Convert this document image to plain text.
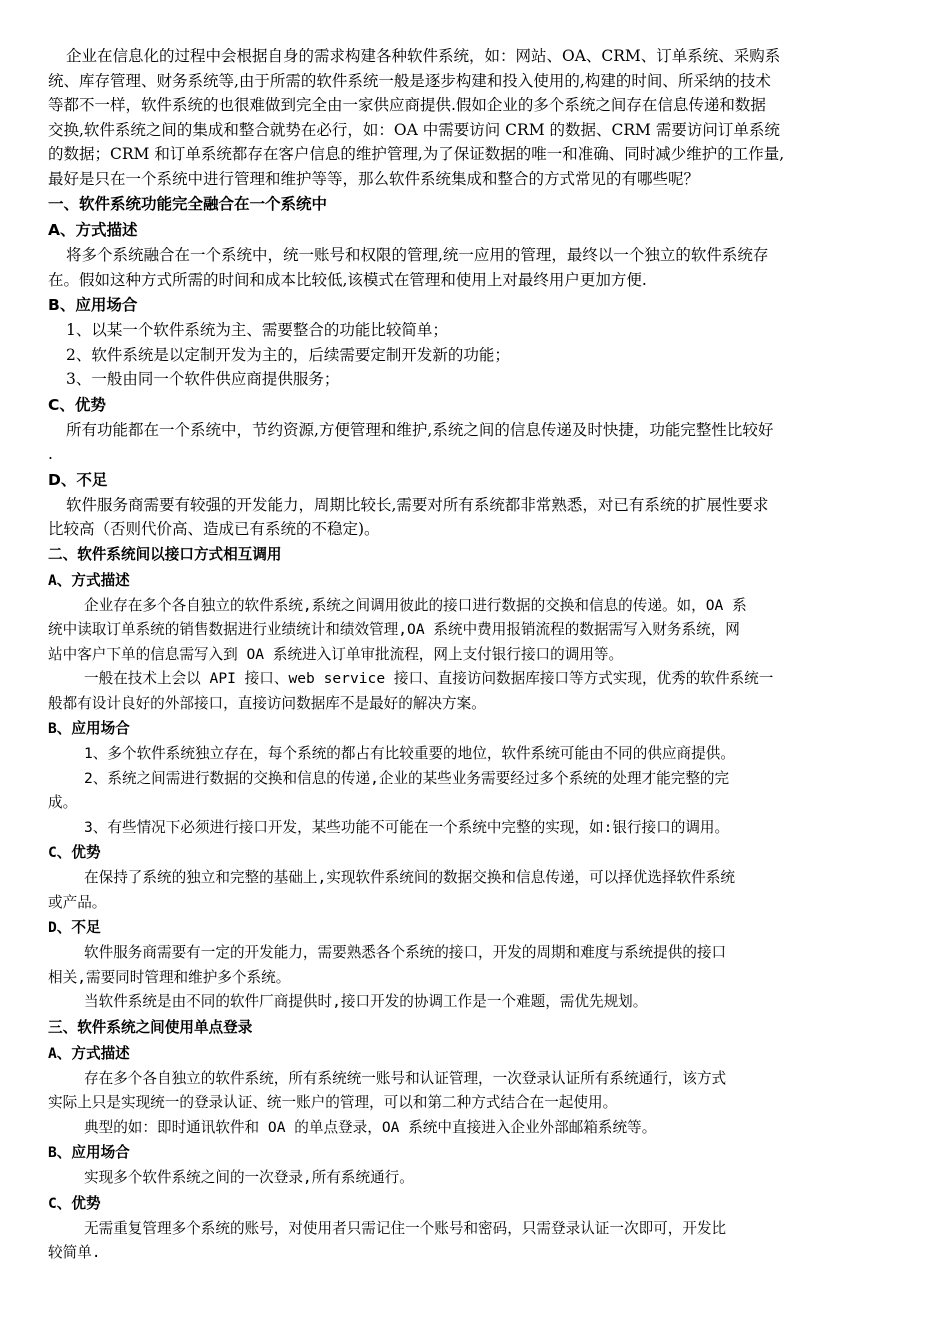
企业在信息化的过程中会根据自身的需求构建各种软件系统，如：网站、OA、CRM、订单系统、采购系

统、库存管理、财务系统等,由于所需的软件系统一般是逐步构建和投入使用的,构建的时间、所采纳的技术

等都不一样，软件系统的也很难做到完全由一家供应商提供.假如企业的多个系统之间存在信息传递和数据

交换,软件系统之间的集成和整合就势在必行，如：OA 中需要访问 CRM 的数据、CRM 需要访问订单系统

的数据；CRM 和订单系统都存在客户信息的维护管理,为了保证数据的唯一和准确、同时减少维护的工作量,

最好是只在一个系统中进行管理和维护等等，那么软件系统集成和整合的方式常见的有哪些呢？

一、软件系统功能完全融合在一个系统中

A、方式描述

将多个系统融合在一个系统中，统一账号和权限的管理,统一应用的管理，最终以一个独立的软件系统存

在。假如这种方式所需的时间和成本比较低,该模式在管理和使用上对最终用户更加方便.

B、应用场合

1、以某一个软件系统为主、需要整合的功能比较简单；

2、软件系统是以定制开发为主的，后续需要定制开发新的功能；

3、一般由同一个软件供应商提供服务；

C、优势

所有功能都在一个系统中，节约资源,方便管理和维护,系统之间的信息传递及时快捷，功能完整性比较好

.

D、不足

软件服务商需要有较强的开发能力，周期比较长,需要对所有系统都非常熟悉，对已有系统的扩展性要求

比较高（否则代价高、造成已有系统的不稳定)。

二、软件系统间以接口方式相互调用

A、方式描述

企业存在多个各自独立的软件系统,系统之间调用彼此的接口进行数据的交换和信息的传递。如，OA 系

统中读取订单系统的销售数据进行业绩统计和绩效管理,OA 系统中费用报销流程的数据需写入财务系统，网

站中客户下单的信息需写入到 OA 系统进入订单审批流程，网上支付银行接口的调用等。

一般在技术上会以 API 接口、web service 接口、直接访问数据库接口等方式实现，优秀的软件系统一

般都有设计良好的外部接口，直接访问数据库不是最好的解决方案。

B、应用场合

1、多个软件系统独立存在，每个系统的都占有比较重要的地位，软件系统可能由不同的供应商提供。

2、系统之间需进行数据的交换和信息的传递,企业的某些业务需要经过多个系统的处理才能完整的完

成。

3、有些情况下必须进行接口开发，某些功能不可能在一个系统中完整的实现，如:银行接口的调用。

C、优势

在保持了系统的独立和完整的基础上,实现软件系统间的数据交换和信息传递，可以择优选择软件系统

或产品。

D、不足

软件服务商需要有一定的开发能力，需要熟悉各个系统的接口，开发的周期和难度与系统提供的接口

相关,需要同时管理和维护多个系统。

当软件系统是由不同的软件厂商提供时,接口开发的协调工作是一个难题，需优先规划。

三、软件系统之间使用单点登录

A、方式描述

存在多个各自独立的软件系统，所有系统统一账号和认证管理，一次登录认证所有系统通行，该方式

实际上只是实现统一的登录认证、统一账户的管理，可以和第二种方式结合在一起使用。

典型的如：即时通讯软件和 OA 的单点登录，OA 系统中直接进入企业外部邮箱系统等。

B、应用场合

实现多个软件系统之间的一次登录,所有系统通行。

C、优势

无需重复管理多个系统的账号，对使用者只需记住一个账号和密码，只需登录认证一次即可，开发比

较简单.
